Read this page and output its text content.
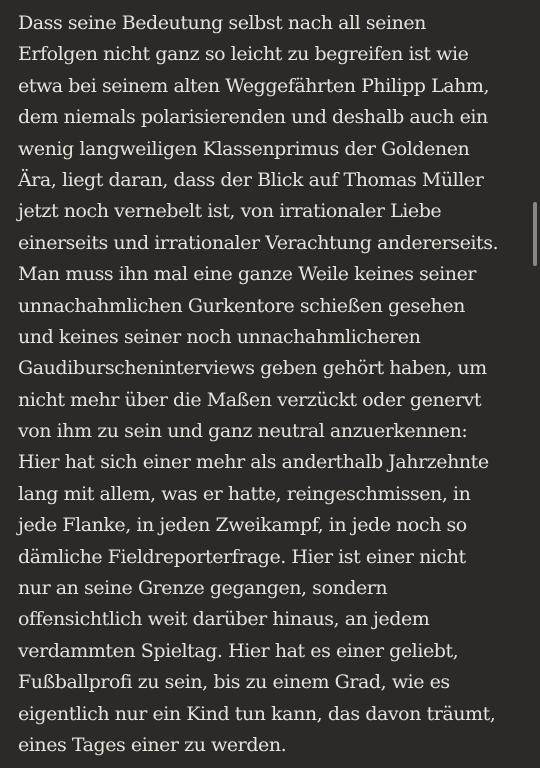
Dass seine Bedeutung selbst nach all seinen
Erfolgen nicht ganz so leicht zu begreifen ist wie
etwa bei seinem alten Weggefährten Philipp Lahm,
dem niemals polarisierenden und deshalb auch ein
wenig langweiligen Klassenprimus der Goldenen
Ära, liegt daran, dass der Blick auf Thomas Müller
jetzt noch vernebelt ist, von irrationaler Liebe
einerseits und irrationaler Verachtung andererseits.
Man muss ihn mal eine ganze Weile keines seiner
unnachahmlichen Gurkentore schießen gesehen
und keines seiner noch unnachahmlicheren
Gaudiburscheninterviews geben gehört haben, um
nicht mehr über die Maßen verzückt oder genervt
von ihm zu sein und ganz neutral anzuerkennen:
Hier hat sich einer mehr als anderthalb Jahrzehnte
lang mit allem, was er hatte, reingeschmissen, in
jede Flanke, in jeden Zweikampf, in jede noch so
dämliche Fieldreporterfrage. Hier ist einer nicht
nur an seine Grenze gegangen, sondern
offensichtlich weit darüber hinaus, an jedem
verdammten Spieltag. Hier hat es einer geliebt,
Fußballprofi zu sein, bis zu einem Grad, wie es
eigentlich nur ein Kind tun kann, das davon träumt,
eines Tages einer zu werden.
